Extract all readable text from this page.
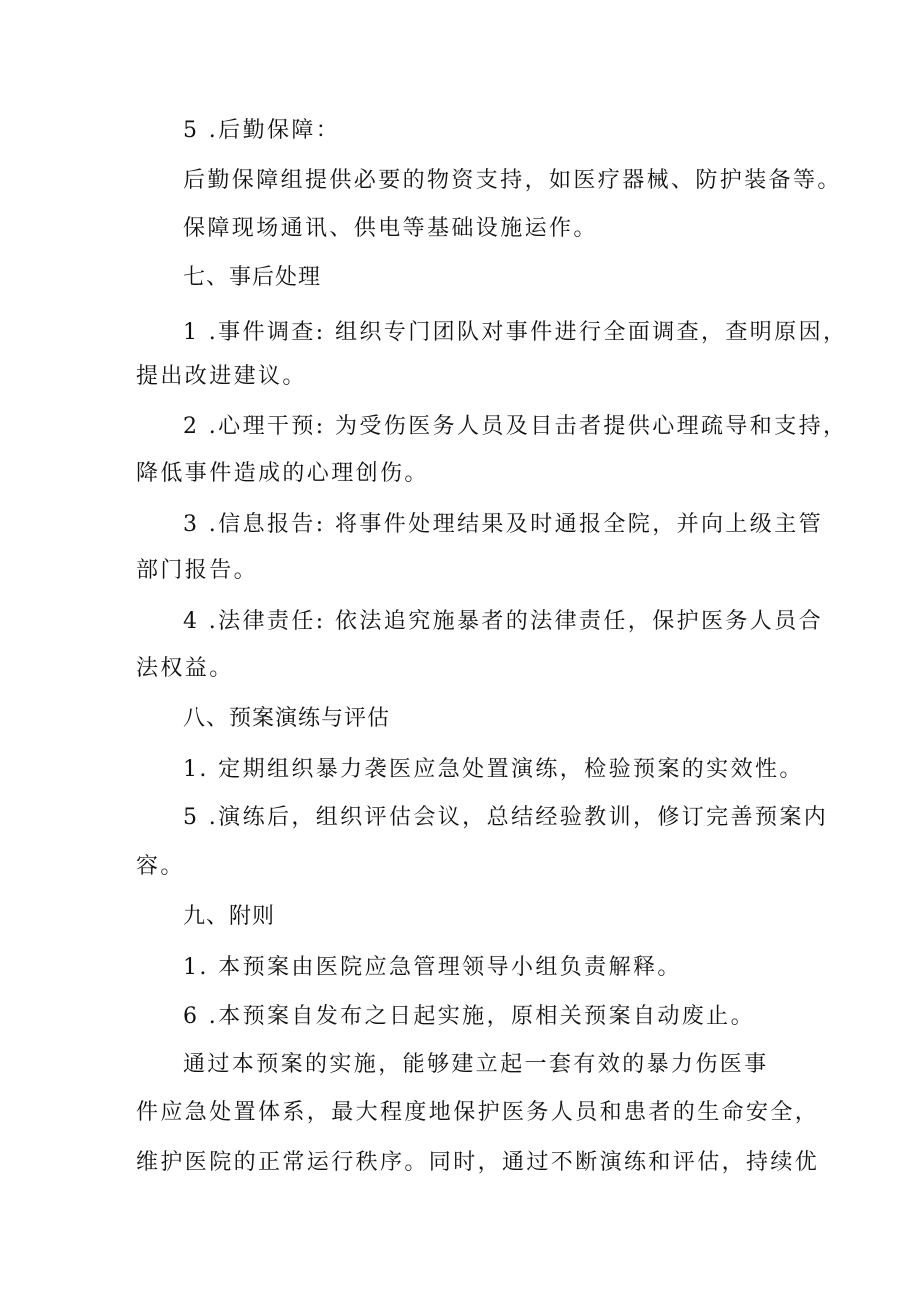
5 .后勤保障：
后勤保障组提供必要的物资支持，如医疗器械、防护装备等。
保障现场通讯、供电等基础设施运作。
七、事后处理
1 .事件调查: 组织专门团队对事件进行全面调查，查明原因，
提出改进建议。
2 .心理干预: 为受伤医务人员及目击者提供心理疏导和支持，
降低事件造成的心理创伤。
3 .信息报告: 将事件处理结果及时通报全院，并向上级主管
部门报告。
4 .法律责任: 依法追究施暴者的法律责任，保护医务人员合
法权益。
八、预案演练与评估
1. 定期组织暴力袭医应急处置演练，检验预案的实效性。
5 .演练后，组织评估会议，总结经验教训，修订完善预案内
容。
九、附则
1. 本预案由医院应急管理领导小组负责解释。
6 .本预案自发布之日起实施，原相关预案自动废止。
通过本预案的实施，能够建立起一套有效的暴力伤医事
件应急处置体系，最大程度地保护医务人员和患者的生命安全，
维护医院的正常运行秩序。同时，通过不断演练和评估，持续优
